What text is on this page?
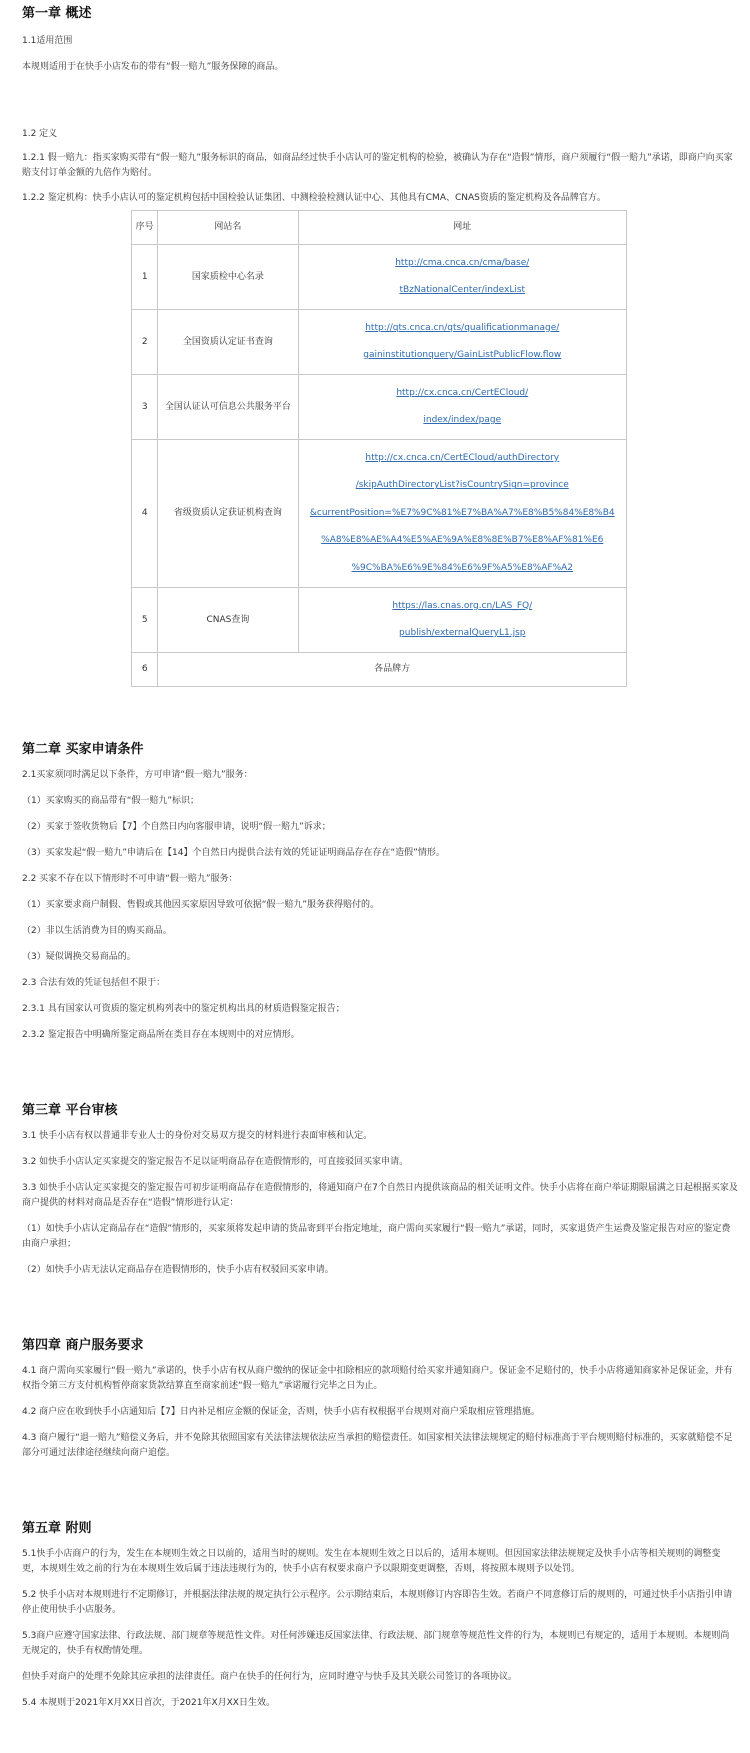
第一章 概述

1.1适用范围

本规则适用于在快手小店发布的带有“假一赔九”服务保障的商品。

1.2 定义

1.2.1 假一赔九：指买家购买带有“假一赔九”服务标识的商品，如商品经过快手小店认可的鉴定机构的检验，被确认为存在“造假”情形，商户须履行“假一赔九”承诺，即商户向买家赔支付订单金额的九倍作为赔付。

1.2.2 鉴定机构：快手小店认可的鉴定机构包括中国检验认证集团、中测检验检测认证中心、其他具有CMA、CNAS资质的鉴定机构及各品牌官方。

序号	网站名	网址
1	国家质检中心名录	http://cma.cnca.cn/cma/base/
tBzNationalCenter/indexList

2	全国资质认定证书查询	http://qts.cnca.cn/qts/qualificationmanage/
gaininstitutionquery/GainListPublicFlow.flow

3	全国认证认可信息公共服务平台	http://cx.cnca.cn/CertECloud/
index/index/page

4	省级资质认定获证机构查询	http://cx.cnca.cn/CertECloud/authDirectory
/skipAuthDirectoryList?isCountrySign=province
&currentPosition=%E7%9C%81%E7%BA%A7%E8%B5%84%E8%B4
%A8%E8%AE%A4%E5%AE%9A%E8%8E%B7%E8%AF%81%E6
%9C%BA%E6%9E%84%E6%9F%A5%E8%AF%A2

5	CNAS查询	https://las.cnas.org.cn/LAS_FQ/
publish/externalQueryL1.jsp

6	各品牌方	
第二章 买家申请条件

2.1买家须同时满足以下条件，方可申请“假一赔九”服务：

（1）买家购买的商品带有“假一赔九”标识；

（2）买家于签收货物后【7】个自然日内向客服申请，说明“假一赔九”诉求；

（3）买家发起“假一赔九”申请后在【14】个自然日内提供合法有效的凭证证明商品存在存在“造假”情形。

2.2 买家不存在以下情形时不可申请“假一赔九”服务：

（1）买家要求商户制假、售假或其他因买家原因导致可依据“假一赔九”服务获得赔付的。

（2）非以生活消费为目的购买商品。

（3）疑似调换交易商品的。

2.3 合法有效的凭证包括但不限于：

2.3.1 具有国家认可资质的鉴定机构列表中的鉴定机构出具的材质造假鉴定报告；

2.3.2 鉴定报告中明确所鉴定商品所在类目存在本规则中的对应情形。

第三章 平台审核

3.1 快手小店有权以普通非专业人士的身份对交易双方提交的材料进行表面审核和认定。

3.2 如快手小店认定买家提交的鉴定报告不足以证明商品存在造假情形的，可直接驳回买家申请。

3.3 如快手小店认定买家提交的鉴定报告可初步证明商品存在造假情形的，将通知商户在7个自然日内提供该商品的相关证明文件。快手小店将在商户举证期限届满之日起根据买家及商户提供的材料对商品是否存在“造假”情形进行认定：

（1）如快手小店认定商品存在“造假”情形的，买家须将发起申请的货品寄到平台指定地址，商户需向买家履行“假一赔九”承诺，同时，买家退货产生运费及鉴定报告对应的鉴定费由商户承担；

（2）如快手小店无法认定商品存在造假情形的，快手小店有权驳回买家申请。

第四章 商户服务要求

4.1 商户需向买家履行“假一赔九”承诺的，快手小店有权从商户缴纳的保证金中扣除相应的款项赔付给买家并通知商户。保证金不足赔付的，快手小店将通知商家补足保证金，并有权指令第三方支付机构暂停商家货款结算直至商家前述“假一赔九”承诺履行完毕之日为止。

4.2 商户应在收到快手小店通知后【7】日内补足相应金额的保证金，否则，快手小店有权根据平台规则对商户采取相应管理措施。

4.3 商户履行“退一赔九”赔偿义务后，并不免除其依照国家有关法律法规依法应当承担的赔偿责任。如国家相关法律法规规定的赔付标准高于平台规则赔付标准的，买家就赔偿不足部分可通过法律途径继续向商户追偿。

第五章 附则

5.1快手小店商户的行为，发生在本规则生效之日以前的，适用当时的规则。发生在本规则生效之日以后的，适用本规则。但因国家法律法规规定及快手小店等相关规则的调整变更，本规则生效之前的行为在本规则生效后属于违法违规行为的，快手小店有权要求商户予以限期变更调整，否则，将按照本规则予以处罚。

5.2 快手小店对本规则进行不定期修订，并根据法律法规的规定执行公示程序。公示期结束后，本规则修订内容即告生效。若商户不同意修订后的规则的，可通过快手小店指引申请停止使用快手小店服务。

5.3商户应遵守国家法律、行政法规、部门规章等规范性文件。对任何涉嫌违反国家法律、行政法规、部门规章等规范性文件的行为，本规则已有规定的，适用于本规则。本规则尚无规定的，快手有权酌情处理。

但快手对商户的处理不免除其应承担的法律责任。商户在快手的任何行为，应同时遵守与快手及其关联公司签订的各项协议。

5.4 本规则于2021年X月XX日首次，于2021年X月XX日生效。
